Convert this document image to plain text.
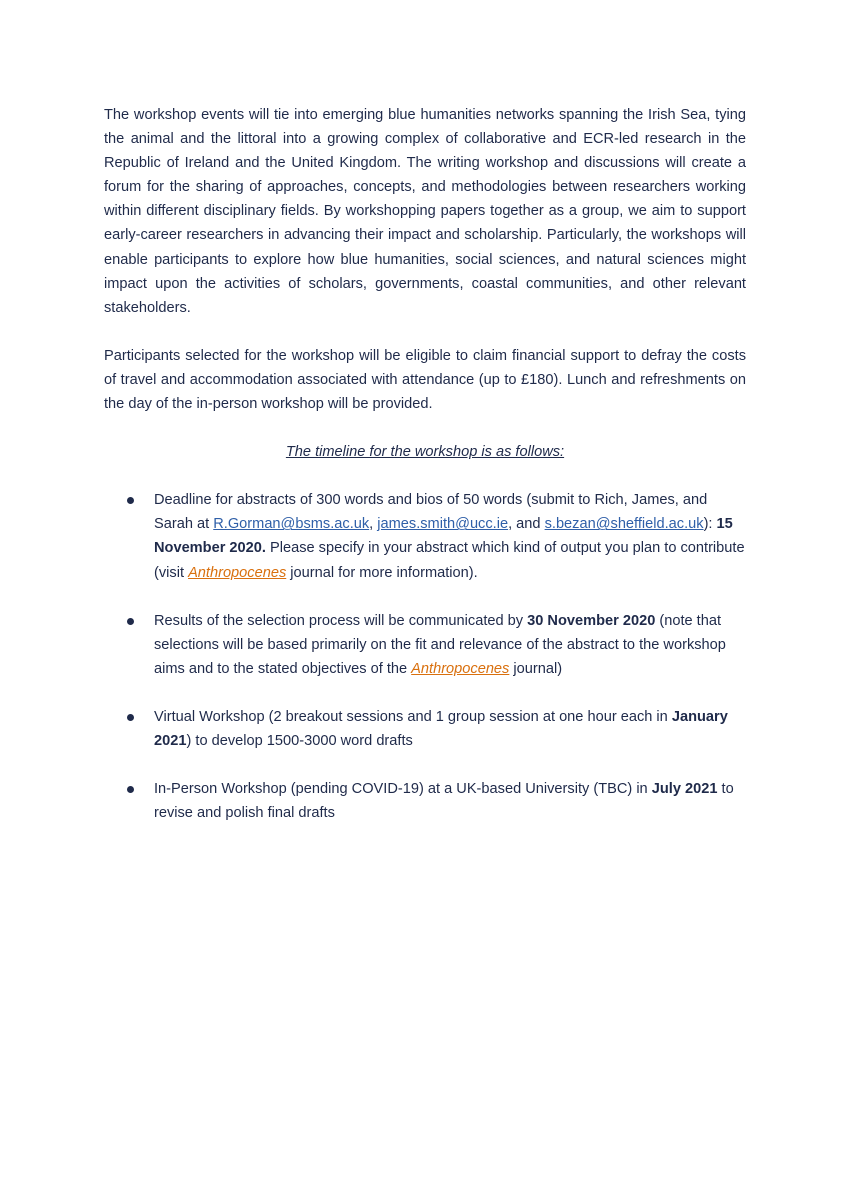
The workshop events will tie into emerging blue humanities networks spanning the Irish Sea, tying the animal and the littoral into a growing complex of collaborative and ECR-led research in the Republic of Ireland and the United Kingdom. The writing workshop and discussions will create a forum for the sharing of approaches, concepts, and methodologies between researchers working within different disciplinary fields. By workshopping papers together as a group, we aim to support early-career researchers in advancing their impact and scholarship. Particularly, the workshops will enable participants to explore how blue humanities, social sciences, and natural sciences might impact upon the activities of scholars, governments, coastal communities, and other relevant stakeholders.

Participants selected for the workshop will be eligible to claim financial support to defray the costs of travel and accommodation associated with attendance (up to £180). Lunch and refreshments on the day of the in-person workshop will be provided.

The timeline for the workshop is as follows:

Deadline for abstracts of 300 words and bios of 50 words (submit to Rich, James, and Sarah at R.Gorman@bsms.ac.uk, james.smith@ucc.ie, and s.bezan@sheffield.ac.uk): 15 November 2020. Please specify in your abstract which kind of output you plan to contribute (visit Anthropocenes journal for more information).
Results of the selection process will be communicated by 30 November 2020 (note that selections will be based primarily on the fit and relevance of the abstract to the workshop aims and to the stated objectives of the Anthropocenes journal)
Virtual Workshop (2 breakout sessions and 1 group session at one hour each in January 2021) to develop 1500-3000 word drafts
In-Person Workshop (pending COVID-19) at a UK-based University (TBC) in July 2021 to revise and polish final drafts
